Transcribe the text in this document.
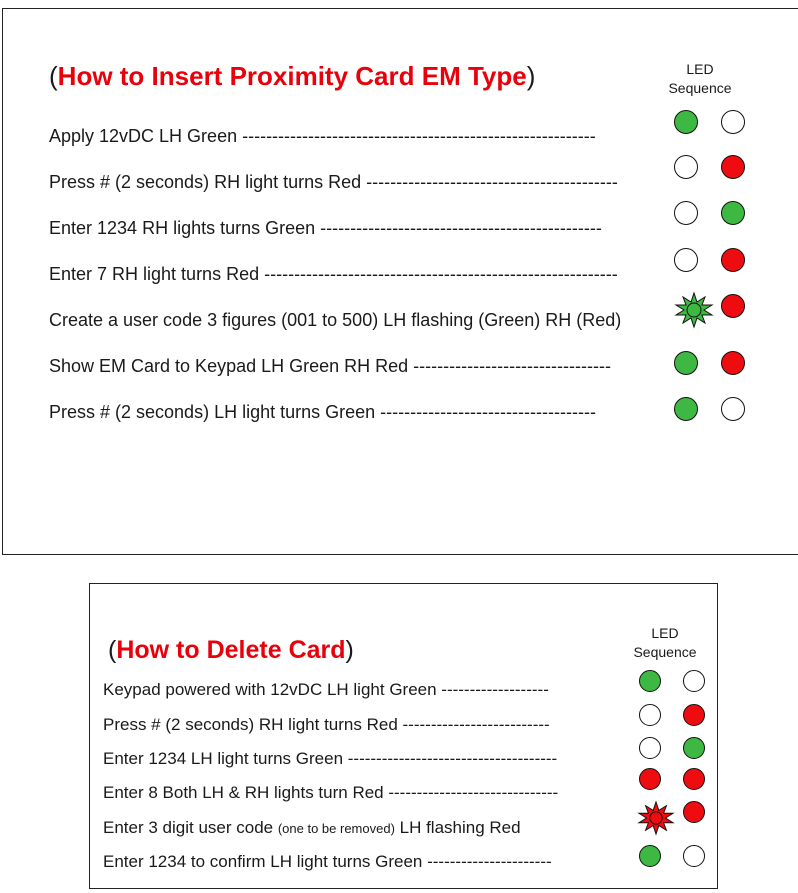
(How to Insert Proximity Card EM Type)	LED
Sequence
Apply 12vDC LH Green -----------------------------------------------------------
Press # (2 seconds) RH light turns Red ------------------------------------------
Enter 1234 RH lights turns Green -----------------------------------------------
Enter 7 RH light turns Red -----------------------------------------------------------
Create a user code 3 figures (001 to 500) LH flashing (Green) RH (Red)
Show EM Card to Keypad LH Green RH Red ---------------------------------
Press # (2 seconds) LH light turns Green ------------------------------------
(How to Delete Card)
LED
Sequence
Keypad powered with 12vDC LH light Green -------------------
Press # (2 seconds) RH light turns Red --------------------------
Enter 1234 LH light turns Green -------------------------------------
Enter 8 Both LH & RH lights turn Red ------------------------------
Enter 3 digit user code (one to be removed) LH flashing Red
Enter 1234 to confirm LH light turns Green ----------------------
